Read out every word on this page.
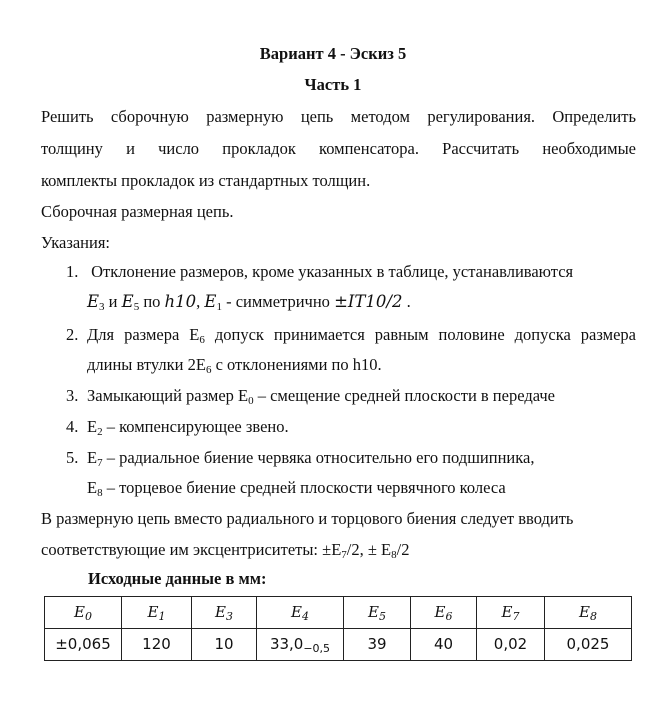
Вариант 4 - Эскиз 5
Часть 1
Решить сборочную размерную цепь методом регулирования. Определить
толщину и число прокладок компенсатора. Рассчитать необходимые
комплекты прокладок из стандартных толщин.
Сборочная размерная цепь.
Указания:
1. Отклонение размеров, кроме указанных в таблице, устанавливаются
$E_3$ и $E_5$ по h10, $E_1$ - симметрично ±IT10/2 .
2. Для размера $E_6$ допуск принимается равным половине допуска размера
длины втулки $2E_6$ с отклонениями по h10.
3. Замыкающий размер $E_0$ – смещение средней плоскости в передаче
4. $E_2$ – компенсирующее звено.
5. $E_7$ – радиальное биение червяка относительно его подшипника,
$E_8$ – торцевое биение средней плоскости червячного колеса
В размерную цепь вместо радиального и торцового биения следует вводить
соответствующие им эксцентриситеты: $\pm E_7/2$, ± $E_8/2$
Исходные данные в мм:
$E_0$	$E_1$	$E_3$	$E_4$	$E_5$	$E_6$	$E_7$	$E_8$
±0,065	120	10	$33,0_{-0,5}$	39	40	0,02	0,025
